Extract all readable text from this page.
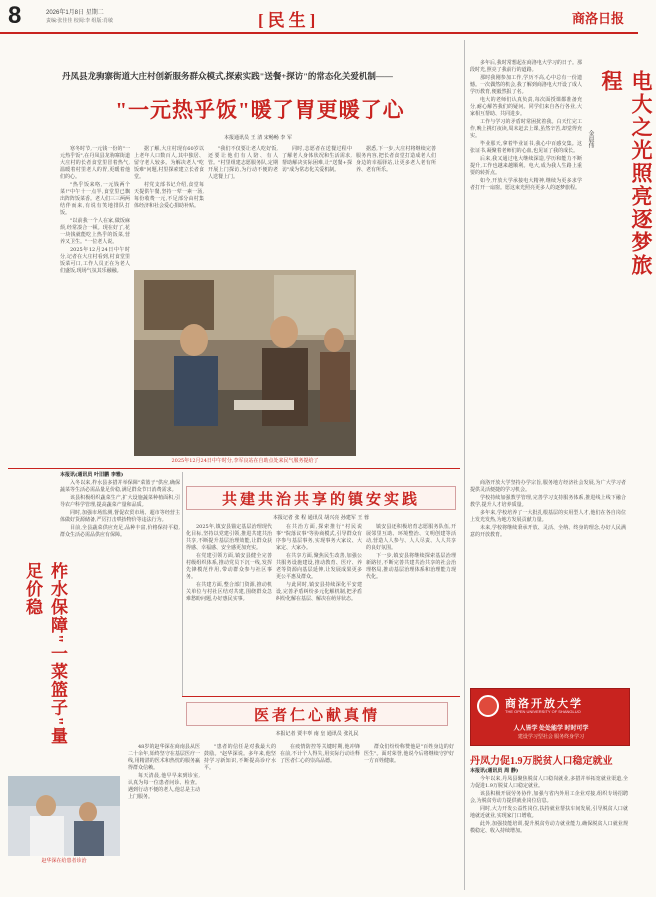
8	2026年1月8日 星期二
责编:张佳佳 校阅:李 组版:肖敏	[民生]	商洛日报
丹凤县龙驹寨街道大庄村创新服务群众模式,探索实践"送餐+探访"的常态化关爱机制——
"一元热乎饭"暖了胃更暖了心
本报通讯员 王 清 宋畅畅 李 军

寒冬时节,一元钱一份的"一元热乎饭",在丹凤县龙驹寨街道大庄村的长者食堂里冒着热气,温暖着村里老人的胃,更暖着他们的心。

"热乎饭来咯,一元钱两个菜!"中午十一点半,食堂里已飘出阵阵饭菜香。老人们三三两两结伴而来,有说有笑地排队打饭。

"以前我一个人在家,做饭麻烦,经常凑合一顿。现在好了,花一块钱就能吃上热乎的饭菜,营养又卫生。"一位老人说。

2025年12月24日中午时分,记者在大庄村看到,村食堂里饭菜可口,工作人员正在为老人们盛饭,现场气氛其乐融融。

据了解,大庄村现有60岁以上老年人口数百人,其中独居、留守老人较多。为解决老人"吃饭难"问题,村里探索建立长者食堂。

村党支部书记介绍,食堂每天提供午餐,坚持一荤一素一汤,每份收费一元,不足部分由村集体经济和社会爱心捐助补贴。

"我们不仅要让老人吃好饭,还要让他们有人陪、有人管。"村里组建志愿服务队,定期开展上门探访,为行动不便的老人送餐上门。

同时,志愿者在送餐过程中了解老人身体状况和生活需求,帮助解决实际困难,让"送餐+探访"成为常态化关爱机制。

据悉,下一步,大庄村将继续完善服务内容,把长者食堂打造成老人们身边的幸福驿站,让更多老人老有所养、老有所乐。

2025年12月24日中午时分,李军良站在自助点处来民气服务提给了
电大之光照亮逐梦旅程
金晨伟

多年后,我时常想起在商洛电大学习的日子。那段时光,照亮了我前行的道路。

那时我刚参加工作,学历不高,心中总有一份遗憾。一次偶然的机会,我了解到商洛电大开设了成人学历教育,便毅然报了名。

电大的老师们认真负责,每次面授课都准备充分,耐心解答我们的疑问。同学们来自各行各业,大家相互帮助、共同进步。

工作与学习的矛盾时常困扰着我。白天忙完工作,晚上挑灯夜读,周末赶去上课,虽然辛苦,却觉得充实。

毕业那天,拿着毕业证书,我心中百感交集。这张证书,凝聚着老师们的心血,也见证了我的成长。

后来,我又通过电大继续深造,学历和能力不断提升,工作也越来越顺利。电大,成为我人生路上重要的转折点。

如今,开放大学承接电大精神,继续为更多求学者打开一扇窗。愿这束光照亮更多人的逐梦旅程。

柞水保障"一菜篮子"量足价稳

本报讯(通讯员 叶旧鹏 李雅)

入冬以来,柞水县多措并举保障"菜篮子"供应,确保蔬菜等生活必需品量足价稳,满足群众节日消费需求。

该县积极组织蔬菜生产,扩大设施蔬菜种植面积,引导农户科学管理,提高蔬菜产量和品质。

同时,加强市场监测,督促农贸市场、超市等经营主体做好货源储备,严厉打击哄抬物价等违法行为。

目前,全县蔬菜供应充足,品种丰富,价格保持平稳,群众生活必需品供应有保障。

共建共治共享的镇安实践
本报记者 张 程 通讯员 胡兴亮 孙建军 王 蓉

2025年,镇安县锚定基层治理现代化目标,坚持以党建引领,推进共建共治共享,不断提升基层治理效能,让群众获得感、幸福感、安全感更加充实。

在党建引领方面,镇安县健全完善村级组织体系,推动党员下沉一线,发挥先锋模范作用,带动群众参与社区事务。

在共建方面,整合部门资源,推动机关单位与村社区结对共建,围绕群众急难愁盼问题,办好惠民实事。

在共治方面,探索推行"村民说事""院落议事"等协商模式,引导群众有序参与基层事务,实现事务大家议、大家定、大家办。

在共享方面,聚焦民生改善,加强公共服务设施建设,推动教育、医疗、养老等资源向基层延伸,让发展成果更多更公平惠及群众。

与此同时,镇安县持续深化平安建设,完善矛盾纠纷多元化解机制,把矛盾纠纷化解在基层、解决在萌芽状态。

镇安县还积极培育志愿服务队伍,开展邻里互助、环境整治、文明创建等活动,营造人人参与、人人尽责、人人共享的良好氛围。

下一步,镇安县将继续探索基层治理新路径,不断完善共建共治共享的社会治理格局,推动基层治理体系和治理能力现代化。

商洛开放大学坚持办学宗旨,服务地方经济社会发展,为广大学习者提供灵活便捷的学习机会。

学校持续加强教学管理,完善学习支持服务体系,推进线上线下融合教学,提升人才培养质量。

多年来,学校培养了一大批扎根基层的实用型人才,他们在各自岗位上发光发热,为地方发展贡献力量。

未来,学校将继续秉承开放、灵活、全纳、终身的理念,办好人民满意的开放教育。

医者仁心献真情
本报记者 贾丰辜 南 皇 通讯员 张礼民
赵华深在给患者诊治

48岁的赵华深在商南县从医二十余年,始终坚守在基层医疗一线,用精湛的医术和热忱的服务赢得群众信赖。

每天清晨,他早早来到诊室,认真为每一位患者问诊、检查。遇到行动不便的老人,他总是主动上门服务。

"患者的信任是对我最大的鼓励。"赵华深说。多年来,他坚持学习新知识,不断提高诊疗水平。

在疫情防控等关键时期,他冲锋在前,不计个人得失,用实际行动诠释了医者仁心的崇高品德。

群众们纷纷称赞他是"百姓身边的好医生"。面对荣誉,他说今后将继续守护好一方百姓健康。

商洛开放大学
THE OPEN UNIVERSITY OF SHANGLUO
人人皆学 处处能学 时时可学
建设学习型社会 服务终身学习
丹凤力促1.9万脱贫人口稳定就业

本报讯(通讯员 周 静)

今年以来,丹凤县聚焦脱贫人口稳岗就业,多措并举拓宽就业渠道,全力促进1.9万脱贫人口稳定就业。

该县积极开展劳务协作,加强与省内外用工企业对接,组织专场招聘会,为脱贫劳动力提供就业岗位信息。

同时,大力开发公益性岗位,扶持就业帮扶车间发展,引导脱贫人口就地就近就业,实现家门口增收。

此外,加强技能培训,提升脱贫劳动力就业能力,确保脱贫人口就业规模稳定、收入持续增加。
